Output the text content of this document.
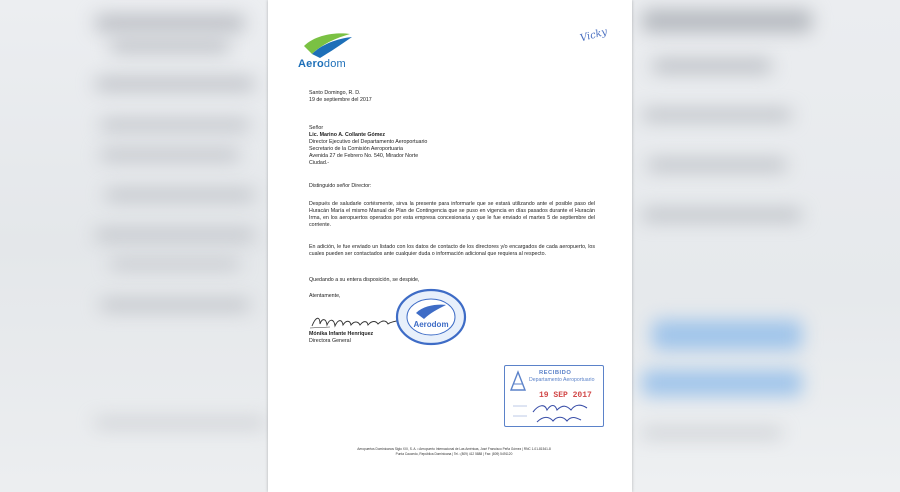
Aerodom
Vicky
Santo Domingo, R. D.
19 de septiembre del 2017
Señor
Lic. Marino A. Collante Gómez
Director Ejecutivo del Departamento Aeroportuario
Secretario de la Comisión Aeroportuaria
Avenida 27 de Febrero No. 540, Mirador Norte
Ciudad.-
Distinguido señor Director:
Después de saludarle cortésmente, sirva la presente para informarle que se estará utilizando ante el posible paso del Huracán María el mismo Manual de Plan de Contingencia que se puso en vigencia en días pasados durante el Huracán Irma, en los aeropuertos operados por esta empresa concesionaria y que le fue enviado el martes 5 de septiembre del corriente.
En adición, le fue enviado un listado con los datos de contacto de los directores y/o encargados de cada aeropuerto, los cuales pueden ser contactados ante cualquier duda o información adicional que requiera al respecto.
Quedando a su entera disposición, se despide,
Atentamente,
Mónika Infante Henríquez
Directora General
Aerodom
RECIBIDO
Departamento Aeroportuario
19 SEP 2017
Aeropuertos Dominicanos Siglo XXI, S. A. • Aeropuerto Internacional de Las Américas, José Francisco Peña Gómez | RNC 1-01-81541-8
Punta Caucedo, República Dominicana | Tel.: (809) 412 5888 | Fax: (809) 5491120
